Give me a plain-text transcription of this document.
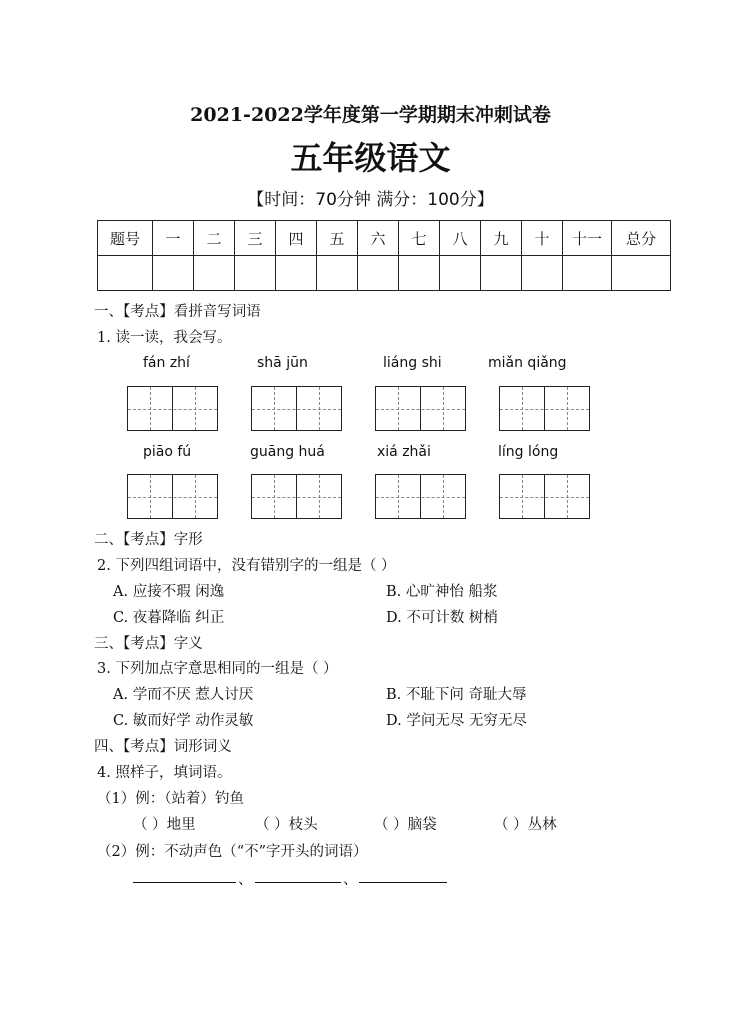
2021-2022学年度第一学期期末冲刺试卷
五年级语文
【时间：70分钟 满分：100分】
题号	一	二	三	四	五	六	七	八	九	十	十一	总分

一、【考点】看拼音写词语
1. 读一读，我会写。
fán zhí	shā jūn	liáng shi	miǎn qiǎng
piāo fú	guāng huá	xiá zhǎi	líng lóng
二、【考点】字形
2. 下列四组词语中，没有错别字的一组是（ ）
A. 应接不瑕 闲逸	B. 心旷神怡 船浆
C. 夜暮降临 纠正	D. 不可计数 树梢
三、【考点】字义
3. 下列加点字意思相同的一组是（ ）
A. 学而不厌 惹人讨厌	B. 不耻下问 奇耻大辱
C. 敏而好学 动作灵敏	D. 学问无尽 无穷无尽
四、【考点】词形词义
4. 照样子，填词语。
（1）例：（站着）钓鱼
（ ）地里	（ ）枝头	（ ）脑袋	（ ）丛林
（2）例：不动声色（“不”字开头的词语）
、	、
